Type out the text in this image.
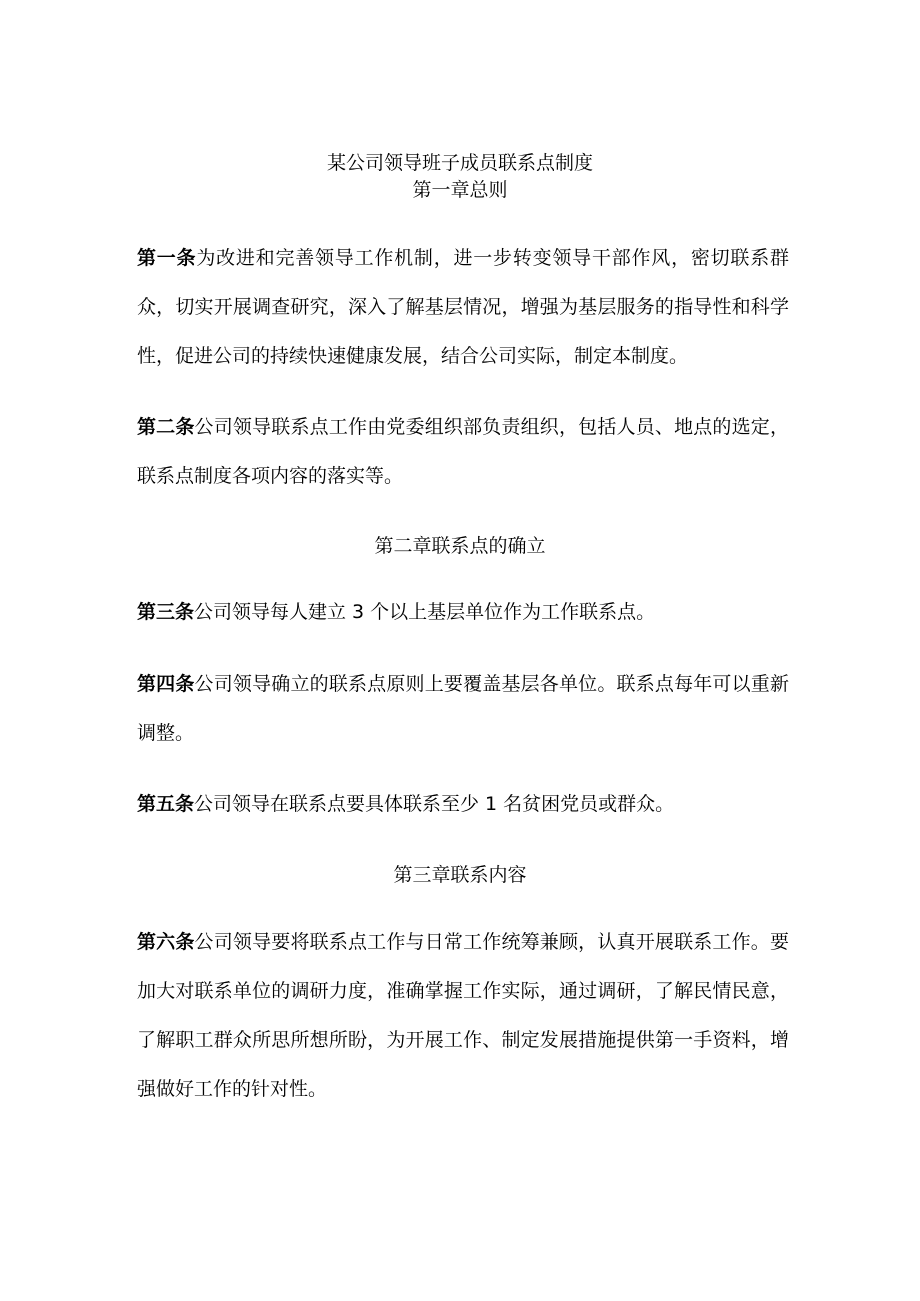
某公司领导班子成员联系点制度
第一章总则
第一条为改进和完善领导工作机制，进一步转变领导干部作风，密切联系群众，切实开展调查研究，深入了解基层情况，增强为基层服务的指导性和科学性，促进公司的持续快速健康发展，结合公司实际，制定本制度。
第二条公司领导联系点工作由党委组织部负责组织，包括人员、地点的选定，联系点制度各项内容的落实等。
第二章联系点的确立
第三条公司领导每人建立 3 个以上基层单位作为工作联系点。
第四条公司领导确立的联系点原则上要覆盖基层各单位。联系点每年可以重新调整。
第五条公司领导在联系点要具体联系至少 1 名贫困党员或群众。
第三章联系内容
第六条公司领导要将联系点工作与日常工作统筹兼顾，认真开展联系工作。要加大对联系单位的调研力度，准确掌握工作实际，通过调研，了解民情民意，了解职工群众所思所想所盼，为开展工作、制定发展措施提供第一手资料，增强做好工作的针对性。
